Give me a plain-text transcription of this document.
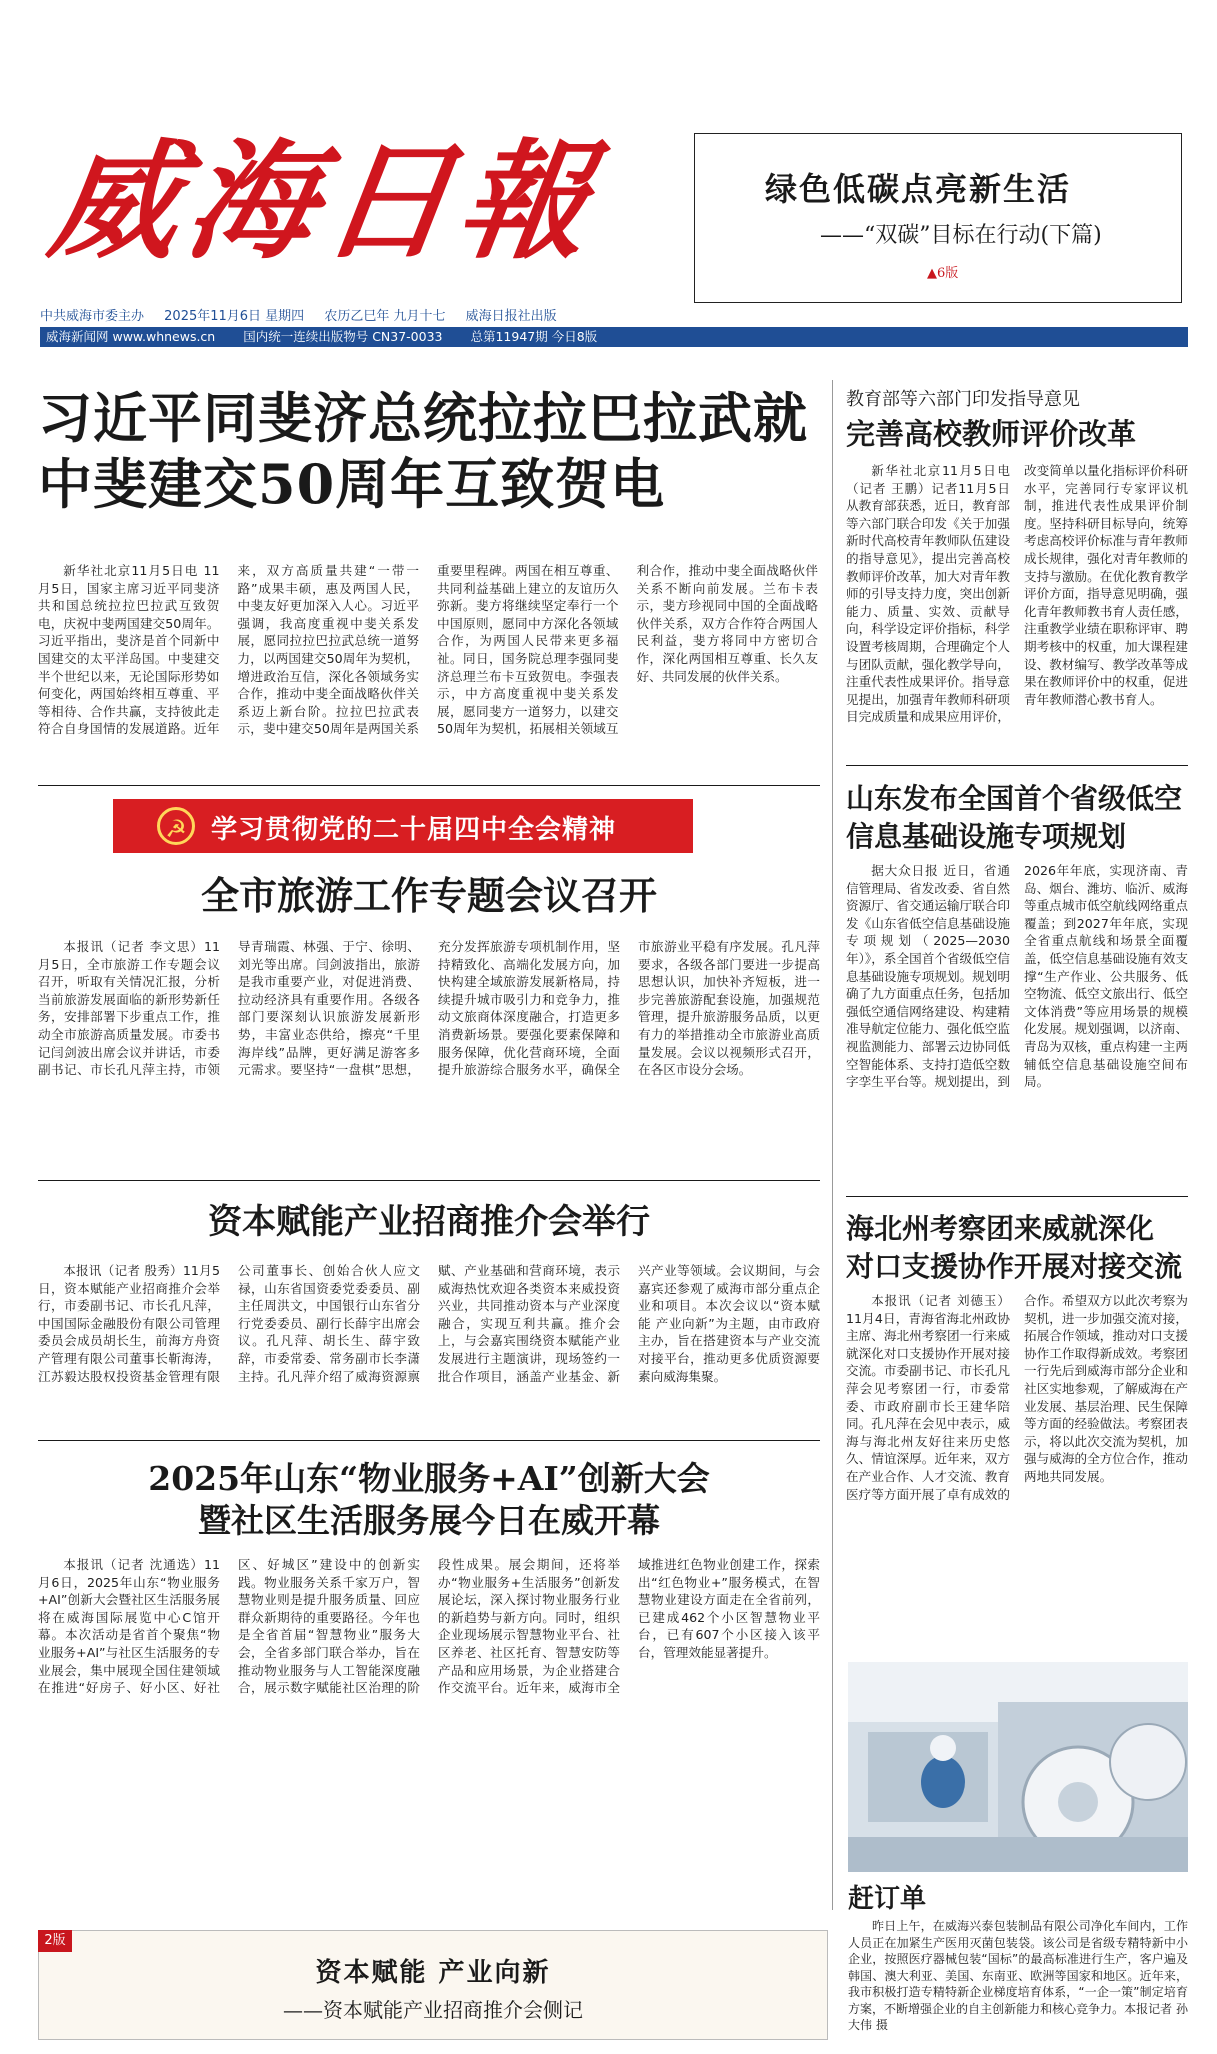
威海日報	绿色低碳点亮新生活
——“双碳”目标在行动(下篇)
▲6版
中共威海市委主办 2025年11月6日 星期四 农历乙巳年 九月十七 威海日报社出版
威海新闻网 www.whnews.cn 国内统一连续出版物号 CN37-0033 总第11947期 今日8版
习近平同斐济总统拉拉巴拉武就中斐建交50周年互致贺电

新华社北京11月5日电 11月5日，国家主席习近平同斐济共和国总统拉拉巴拉武互致贺电，庆祝中斐两国建交50周年。习近平指出，斐济是首个同新中国建交的太平洋岛国。中斐建交半个世纪以来，无论国际形势如何变化，两国始终相互尊重、平等相待、合作共赢，支持彼此走符合自身国情的发展道路。近年来，双方高质量共建“一带一路”成果丰硕，惠及两国人民，中斐友好更加深入人心。习近平强调，我高度重视中斐关系发展，愿同拉拉巴拉武总统一道努力，以两国建交50周年为契机，增进政治互信，深化各领域务实合作，推动中斐全面战略伙伴关系迈上新台阶。拉拉巴拉武表示，斐中建交50周年是两国关系重要里程碑。两国在相互尊重、共同利益基础上建立的友谊历久弥新。斐方将继续坚定奉行一个中国原则，愿同中方深化各领域合作，为两国人民带来更多福祉。同日，国务院总理李强同斐济总理兰布卡互致贺电。李强表示，中方高度重视中斐关系发展，愿同斐方一道努力，以建交50周年为契机，拓展相关领域互利合作，推动中斐全面战略伙伴关系不断向前发展。兰布卡表示，斐方珍视同中国的全面战略伙伴关系，双方合作符合两国人民利益，斐方将同中方密切合作，深化两国相互尊重、长久友好、共同发展的伙伴关系。

教育部等六部门印发指导意见
完善高校教师评价改革

新华社北京11月5日电（记者 王鹏）记者11月5日从教育部获悉，近日，教育部等六部门联合印发《关于加强新时代高校青年教师队伍建设的指导意见》，提出完善高校教师评价改革，加大对青年教师的引导支持力度，突出创新能力、质量、实效、贡献导向，科学设定评价指标，科学设置考核周期，合理确定个人与团队贡献，强化教学导向，注重代表性成果评价。指导意见提出，加强青年教师科研项目完成质量和成果应用评价，改变简单以量化指标评价科研水平，完善同行专家评议机制，推进代表性成果评价制度。坚持科研目标导向，统筹考虑高校评价标准与青年教师成长规律，强化对青年教师的支持与激励。在优化教育教学评价方面，指导意见明确，强化青年教师教书育人责任感，注重教学业绩在职称评审、聘期考核中的权重，加大课程建设、教材编写、教学改革等成果在教师评价中的权重，促进青年教师潜心教书育人。

☭ 学习贯彻党的二十届四中全会精神
全市旅游工作专题会议召开

本报讯（记者 李文思）11月5日，全市旅游工作专题会议召开，听取有关情况汇报，分析当前旅游发展面临的新形势新任务，安排部署下步重点工作，推动全市旅游高质量发展。市委书记闫剑波出席会议并讲话，市委副书记、市长孔凡萍主持，市领导青瑞霞、林强、于宁、徐明、刘光等出席。闫剑波指出，旅游是我市重要产业，对促进消费、拉动经济具有重要作用。各级各部门要深刻认识旅游发展新形势，丰富业态供给，擦亮“千里海岸线”品牌，更好满足游客多元需求。要坚持“一盘棋”思想，充分发挥旅游专项机制作用，坚持精致化、高端化发展方向，加快构建全域旅游发展新格局，持续提升城市吸引力和竞争力，推动文旅商体深度融合，打造更多消费新场景。要强化要素保障和服务保障，优化营商环境，全面提升旅游综合服务水平，确保全市旅游业平稳有序发展。孔凡萍要求，各级各部门要进一步提高思想认识，加快补齐短板，进一步完善旅游配套设施，加强规范管理，提升旅游服务品质，以更有力的举措推动全市旅游业高质量发展。会议以视频形式召开，在各区市设分会场。

资本赋能产业招商推介会举行

本报讯（记者 殷秀）11月5日，资本赋能产业招商推介会举行，市委副书记、市长孔凡萍，中国国际金融股份有限公司管理委员会成员胡长生，前海方舟资产管理有限公司董事长靳海涛，江苏毅达股权投资基金管理有限公司董事长、创始合伙人应文禄，山东省国资委党委委员、副主任周洪文，中国银行山东省分行党委委员、副行长薛宇出席会议。孔凡萍、胡长生、薛宇致辞，市委常委、常务副市长李潇主持。孔凡萍介绍了威海资源禀赋、产业基础和营商环境，表示威海热忱欢迎各类资本来威投资兴业，共同推动资本与产业深度融合，实现互利共赢。推介会上，与会嘉宾围绕资本赋能产业发展进行主题演讲，现场签约一批合作项目，涵盖产业基金、新兴产业等领域。会议期间，与会嘉宾还参观了威海市部分重点企业和项目。本次会议以“资本赋能 产业向新”为主题，由市政府主办，旨在搭建资本与产业交流对接平台，推动更多优质资源要素向威海集聚。

2025年山东“物业服务+AI”创新大会
暨社区生活服务展今日在威开幕

本报讯（记者 沈通选）11月6日，2025年山东“物业服务+AI”创新大会暨社区生活服务展将在威海国际展览中心C馆开幕。本次活动是省首个聚焦“物业服务+AI”与社区生活服务的专业展会，集中展现全国住建领域在推进“好房子、好小区、好社区、好城区”建设中的创新实践。物业服务关系千家万户，智慧物业则是提升服务质量、回应群众新期待的重要路径。今年也是全省首届“智慧物业”服务大会，全省多部门联合举办，旨在推动物业服务与人工智能深度融合，展示数字赋能社区治理的阶段性成果。展会期间，还将举办“物业服务+生活服务”创新发展论坛，深入探讨物业服务行业的新趋势与新方向。同时，组织企业现场展示智慧物业平台、社区养老、社区托育、智慧安防等产品和应用场景，为企业搭建合作交流平台。近年来，威海市全域推进红色物业创建工作，探索出“红色物业+”服务模式，在智慧物业建设方面走在全省前列，已建成462个小区智慧物业平台，已有607个小区接入该平台，管理效能显著提升。

山东发布全国首个省级低空
信息基础设施专项规划

据大众日报 近日，省通信管理局、省发改委、省自然资源厅、省交通运输厅联合印发《山东省低空信息基础设施专项规划（2025—2030年）》，系全国首个省级低空信息基础设施专项规划。规划明确了九方面重点任务，包括加强低空通信网络建设、构建精准导航定位能力、强化低空监视监测能力、部署云边协同低空智能体系、支持打造低空数字孪生平台等。规划提出，到2026年年底，实现济南、青岛、烟台、潍坊、临沂、威海等重点城市低空航线网络重点覆盖；到2027年年底，实现全省重点航线和场景全面覆盖，低空信息基础设施有效支撑“生产作业、公共服务、低空物流、低空文旅出行、低空文体消费”等应用场景的规模化发展。规划强调，以济南、青岛为双核，重点构建一主两辅低空信息基础设施空间布局。

海北州考察团来威就深化
对口支援协作开展对接交流

本报讯（记者 刘德玉）11月4日，青海省海北州政协主席、海北州考察团一行来威就深化对口支援协作开展对接交流。市委副书记、市长孔凡萍会见考察团一行，市委常委、市政府副市长王建华陪同。孔凡萍在会见中表示，威海与海北州友好往来历史悠久、情谊深厚。近年来，双方在产业合作、人才交流、教育医疗等方面开展了卓有成效的合作。希望双方以此次考察为契机，进一步加强交流对接，拓展合作领域，推动对口支援协作工作取得新成效。考察团一行先后到威海市部分企业和社区实地参观，了解威海在产业发展、基层治理、民生保障等方面的经验做法。考察团表示，将以此次交流为契机，加强与威海的全方位合作，推动两地共同发展。

赶订单

昨日上午，在威海兴泰包装制品有限公司净化车间内，工作人员正在加紧生产医用灭菌包装袋。该公司是省级专精特新中小企业，按照医疗器械包装“国标”的最高标准进行生产，客户遍及韩国、澳大利亚、美国、东南亚、欧洲等国家和地区。近年来，我市积极打造专精特新企业梯度培育体系，“一企一策”制定培育方案，不断增强企业的自主创新能力和核心竞争力。本报记者 孙大伟 摄

2版
资本赋能 产业向新
——资本赋能产业招商推介会侧记
